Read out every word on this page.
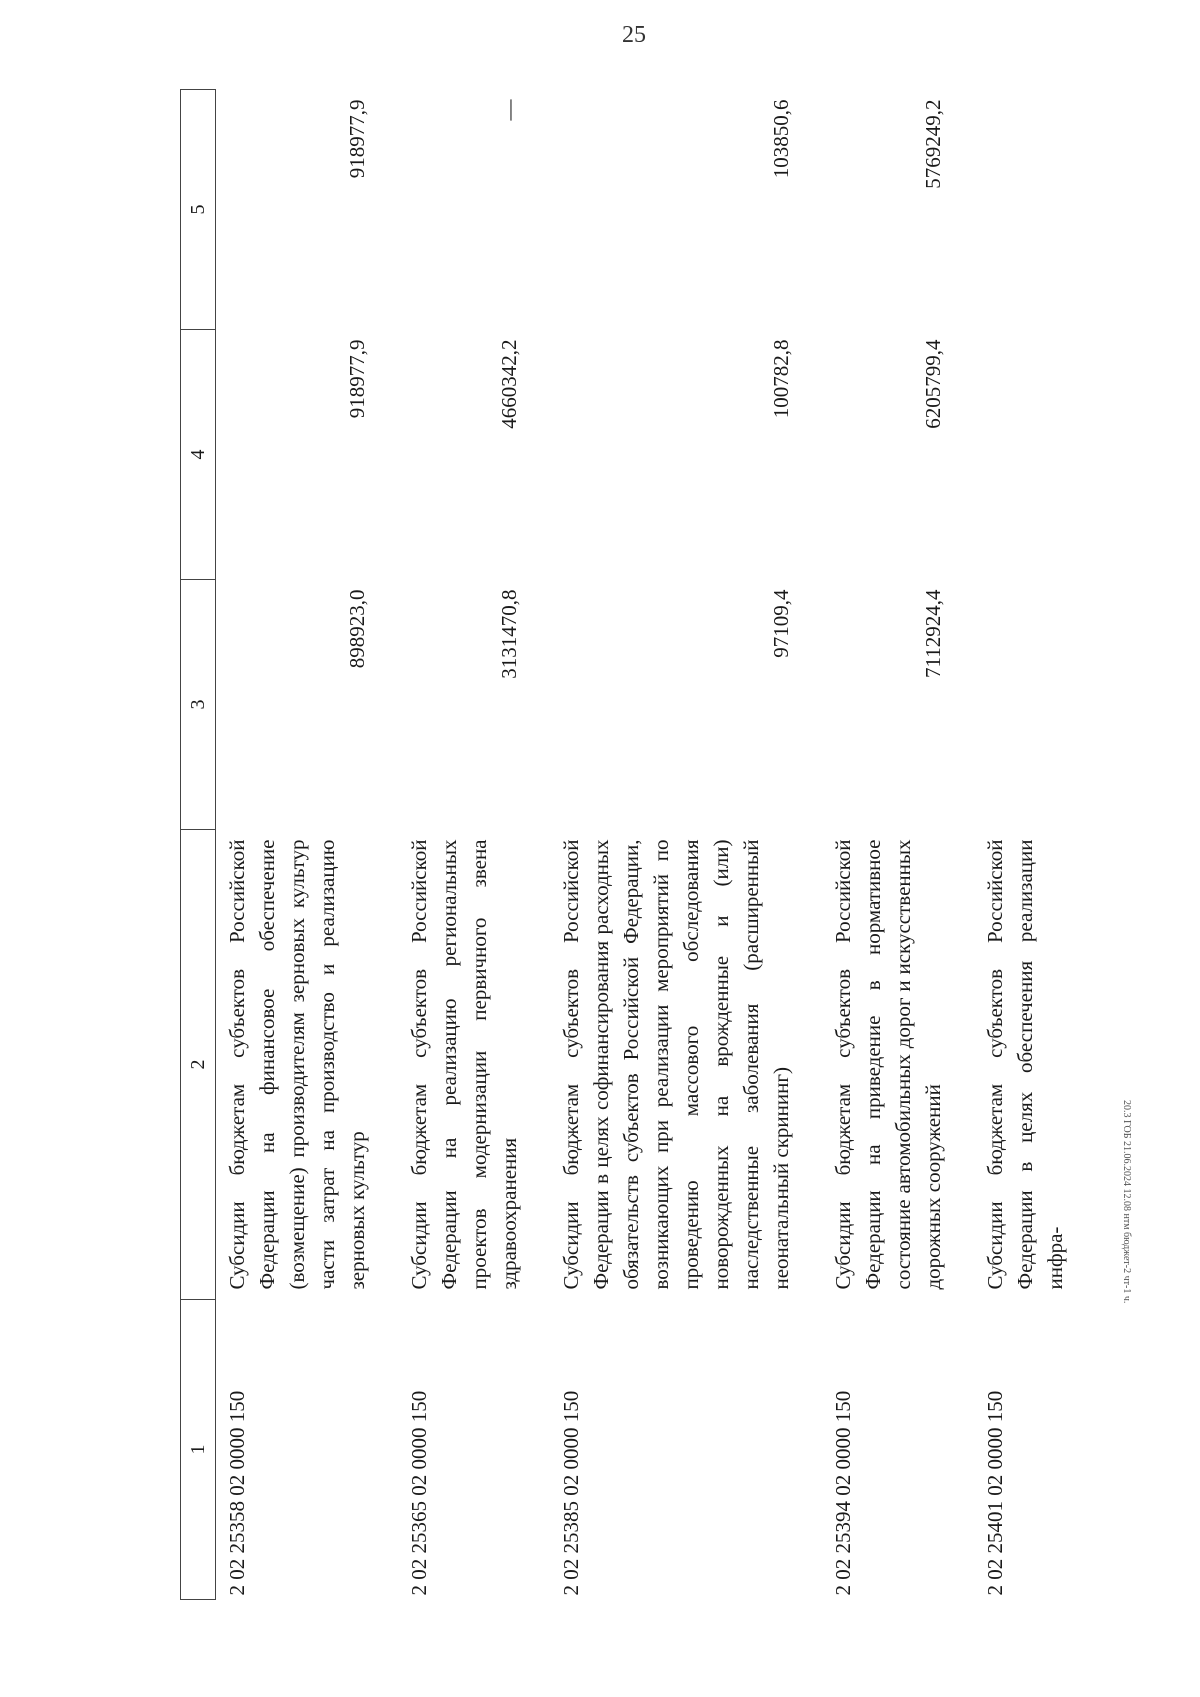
25
20.3 ГОБ 21.06.2024 12.08 нтм бюджет-2 чт-1 ч.
1	2	3	4	5
2 02 25358 02 0000 150	Субсидии бюджетам субъектов Российской Федерации на финансовое обеспечение (возмещение) производителям зерновых культур части затрат на производство и реализацию зерновых культур	898923,0	918977,9	918977,9
2 02 25365 02 0000 150	Субсидии бюджетам субъектов Российской Федерации на реализацию региональных проектов модернизации первичного звена здравоохранения	3131470,8	4660342,2	—
2 02 25385 02 0000 150	Субсидии бюджетам субъектов Российской Федерации в целях софинансирования расходных обязательств субъектов Российской Федерации, возникающих при реализации мероприятий по проведению массового обследования новорожденных на врожденные и (или) наследственные заболевания (расширенный неонатальный скрининг)	97109,4	100782,8	103850,6
2 02 25394 02 0000 150	Субсидии бюджетам субъектов Российской Федерации на приведение в нормативное состояние автомобильных дорог и искусственных дорожных сооружений	7112924,4	6205799,4	5769249,2
2 02 25401 02 0000 150	Субсидии бюджетам субъектов Российской Федерации в целях обеспечения реализации инфра-			
